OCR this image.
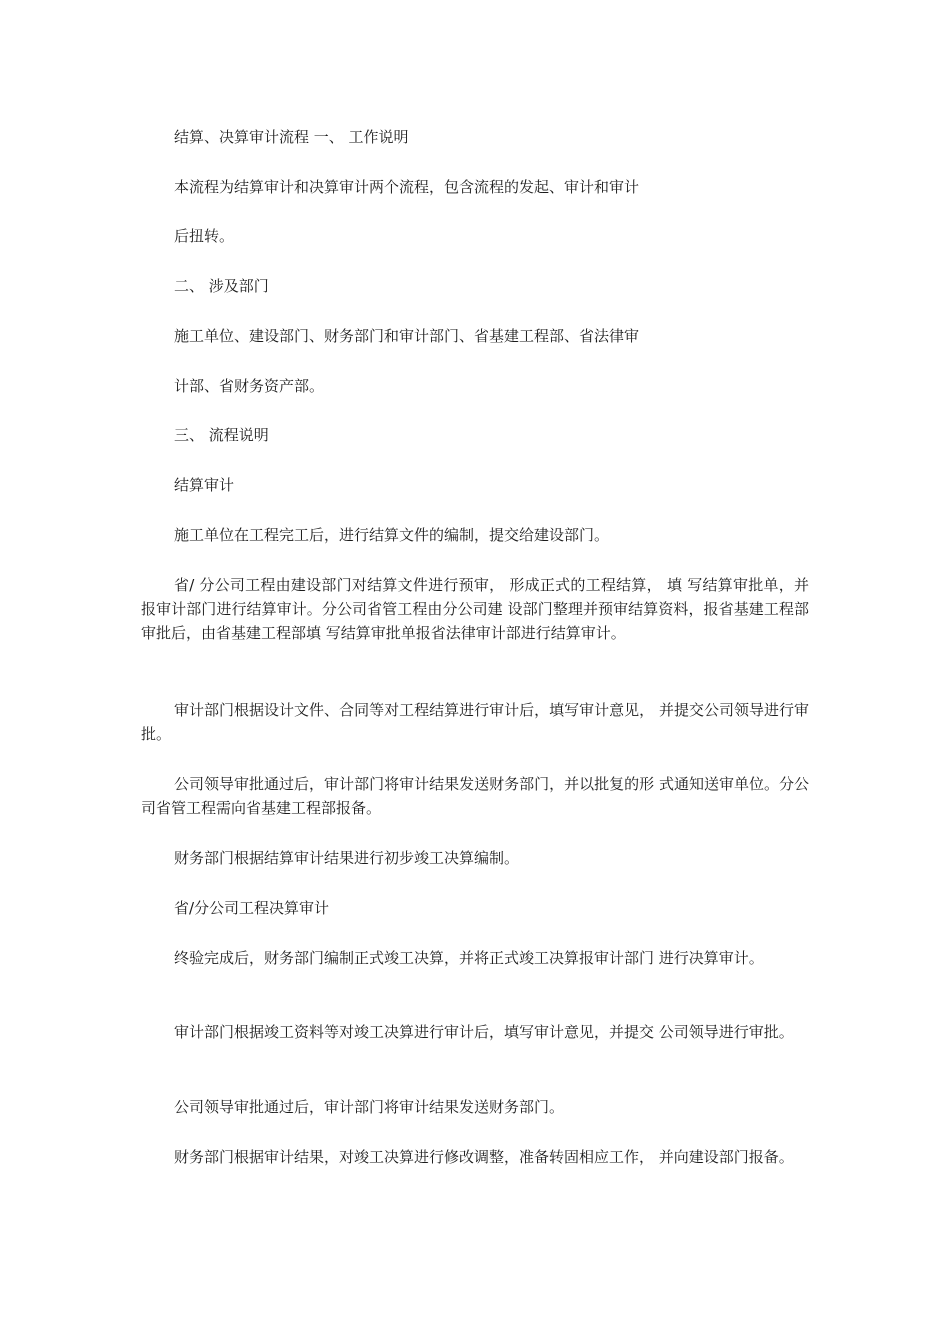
结算、决算审计流程 一、 工作说明

本流程为结算审计和决算审计两个流程，包含流程的发起、审计和审计

后扭转。

二、 涉及部门

施工单位、建设部门、财务部门和审计部门、省基建工程部、省法律审

计部、省财务资产部。

三、 流程说明

结算审计

施工单位在工程完工后，进行结算文件的编制，提交给建设部门。

省/ 分公司工程由建设部门对结算文件进行预审， 形成正式的工程结算， 填 写结算审批单，并报审计部门进行结算审计。分公司省管工程由分公司建 设部门整理并预审结算资料，报省基建工程部审批后，由省基建工程部填 写结算审批单报省法律审计部进行结算审计。

审计部门根据设计文件、合同等对工程结算进行审计后，填写审计意见， 并提交公司领导进行审批。

公司领导审批通过后，审计部门将审计结果发送财务部门，并以批复的形 式通知送审单位。分公司省管工程需向省基建工程部报备。

财务部门根据结算审计结果进行初步竣工决算编制。

省/分公司工程决算审计

终验完成后，财务部门编制正式竣工决算，并将正式竣工决算报审计部门 进行决算审计。

审计部门根据竣工资料等对竣工决算进行审计后，填写审计意见，并提交 公司领导进行审批。

公司领导审批通过后，审计部门将审计结果发送财务部门。

财务部门根据审计结果，对竣工决算进行修改调整，准备转固相应工作， 并向建设部门报备。
